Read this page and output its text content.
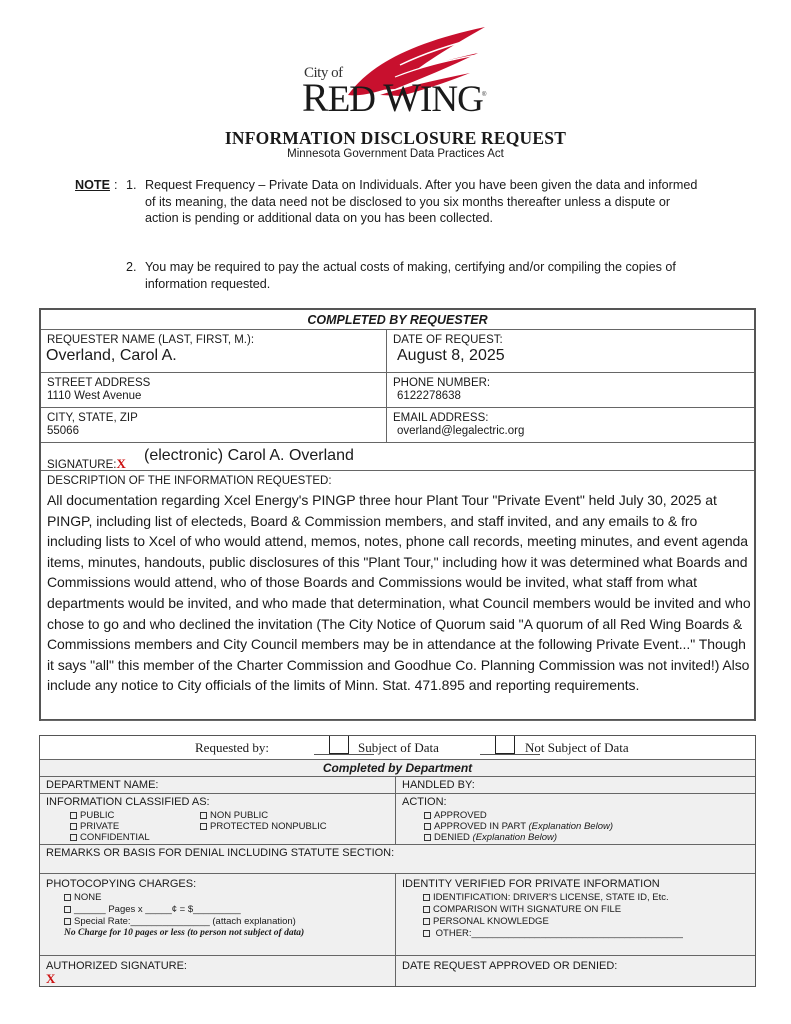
City of
RED WING ®
INFORMATION DISCLOSURE REQUEST
Minnesota Government Data Practices Act
NOTE : 1. Request Frequency – Private Data on Individuals. After you have been given the data and informed of its meaning, the data need not be disclosed to you six months thereafter unless a dispute or action is pending or additional data on you has been collected.
2. You may be required to pay the actual costs of making, certifying and/or compiling the copies of information requested.
COMPLETED BY REQUESTER
REQUESTER NAME (LAST, FIRST, M.):
Overland, Carol A.
DATE OF REQUEST:
August 8, 2025
STREET ADDRESS
1110 West Avenue
PHONE NUMBER:
6122278638
CITY, STATE, ZIP
55066
EMAIL ADDRESS:
overland@legalectric.org
SIGNATURE:X (electronic) Carol A. Overland
DESCRIPTION OF THE INFORMATION REQUESTED:
All documentation regarding Xcel Energy's PINGP three hour Plant Tour "Private Event" held July 30, 2025 at PINGP, including list of electeds, Board & Commission members, and staff invited, and any emails to & fro including lists to Xcel of who would attend, memos, notes, phone call records, meeting minutes, and event agenda items, minutes, handouts, public disclosures of this "Plant Tour," including how it was determined what Boards and Commissions would attend, who of those Boards and Commissions would be invited, what staff from what departments would be invited, and who made that determination, what Council members would be invited and who chose to go and who declined the invitation (The City Notice of Quorum said "A quorum of all Red Wing Boards & Commissions members and City Council members may be in attendance at the following Private Event..." Though it says "all" this member of the Charter Commission and Goodhue Co. Planning Commission was not invited!) Also include any notice to City officials of the limits of Minn. Stat. 471.895 and reporting requirements.
Requested by:	Subject of Data	Not Subject of Data
Completed by Department
DEPARTMENT NAME:	HANDLED BY:
INFORMATION CLASSIFIED AS:
PUBLIC
PRIVATE
CONFIDENTIAL
NON PUBLIC
PROTECTED NONPUBLIC
ACTION:
APPROVED
APPROVED IN PART (Explanation Below)
DENIED (Explanation Below)
REMARKS OR BASIS FOR DENIAL INCLUDING STATUTE SECTION:
PHOTOCOPYING CHARGES:
NONE
______ Pages x _____¢ = $_________
Special Rate:_______________ (attach explanation)
No Charge for 10 pages or less (to person not subject of data)
IDENTITY VERIFIED FOR PRIVATE INFORMATION
IDENTIFICATION: DRIVER'S LICENSE, STATE ID, Etc.
COMPARISON WITH SIGNATURE ON FILE
PERSONAL KNOWLEDGE
OTHER:________________________________________
AUTHORIZED SIGNATURE:
X
DATE REQUEST APPROVED OR DENIED:
